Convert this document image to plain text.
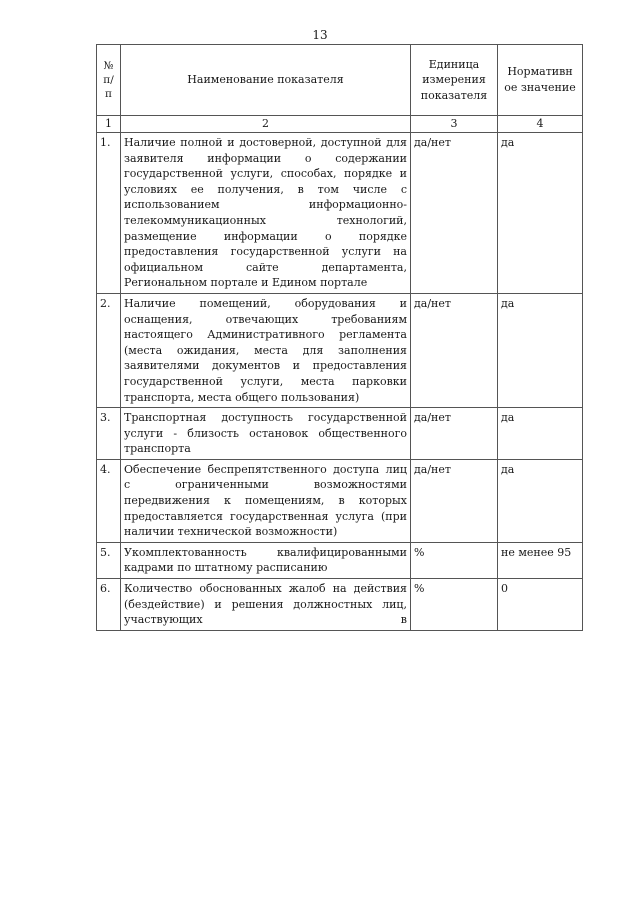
13
№ п/п	Наименование показателя	Единица измерения показателя	Нормативн ое значение
1	2	3	4
1.	Наличие полной и достоверной, доступной для заявителя информации о содержании государственной услуги, способах, порядке и условиях ее получения, в том числе с использованием информационно-телекоммуникационных технологий, размещение информации о порядке предоставления государственной услуги на официальном сайте департамента, Региональном портале и Едином портале	да/нет	да
2.	Наличие помещений, оборудования и оснащения, отвечающих требованиям настоящего Административного регламента (места ожидания, места для заполнения заявителями документов и предоставления государственной услуги, места парковки транспорта, места общего пользования)	да/нет	да
3.	Транспортная доступность государственной услуги - близость остановок общественного транспорта	да/нет	да
4.	Обеспечение беспрепятственного доступа лиц с ограниченными возможностями передвижения к помещениям, в которых предоставляется государственная услуга (при наличии технической возможности)	да/нет	да
5.	Укомплектованность квалифицированными кадрами по штатному расписанию	%	не менее 95
6.	Количество обоснованных жалоб на действия (бездействие) и решения должностных лиц, участвующих в	%	0
